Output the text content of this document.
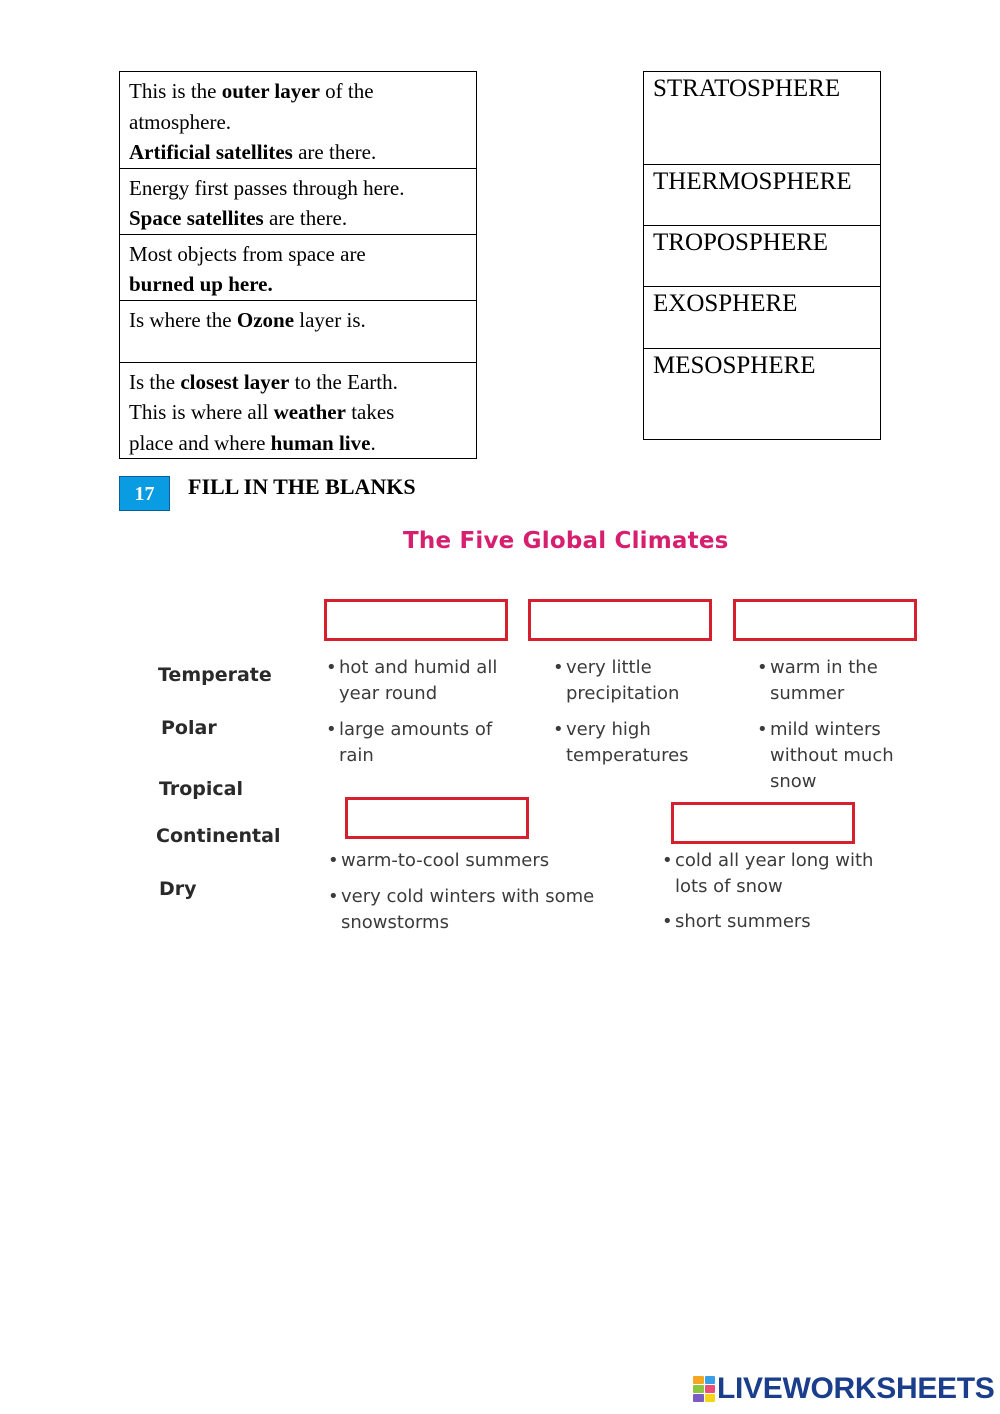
This is the outer layer of the
atmosphere.
Artificial satellites are there.

Energy first passes through here.
Space satellites are there.

Most objects from space are
burned up here.

Is where the Ozone layer is.

Is the closest layer to the Earth.
This is where all weather takes
place and where human live.
STRATOSPHERE
THERMOSPHERE
TROPOSPHERE
EXOSPHERE
MESOSPHERE
17	FILL IN THE BLANKS
The Five Global Climates
Temperate
Polar
Tropical
Continental
Dry
• hot and humid all
year round
• large amounts of
rain
• very little
precipitation
• very high
temperatures
• warm in the
summer
• mild winters
without much
snow
• warm-to-cool summers
• very cold winters with some
snowstorms
• cold all year long with
lots of snow
• short summers
LIVEWORKSHEETS
